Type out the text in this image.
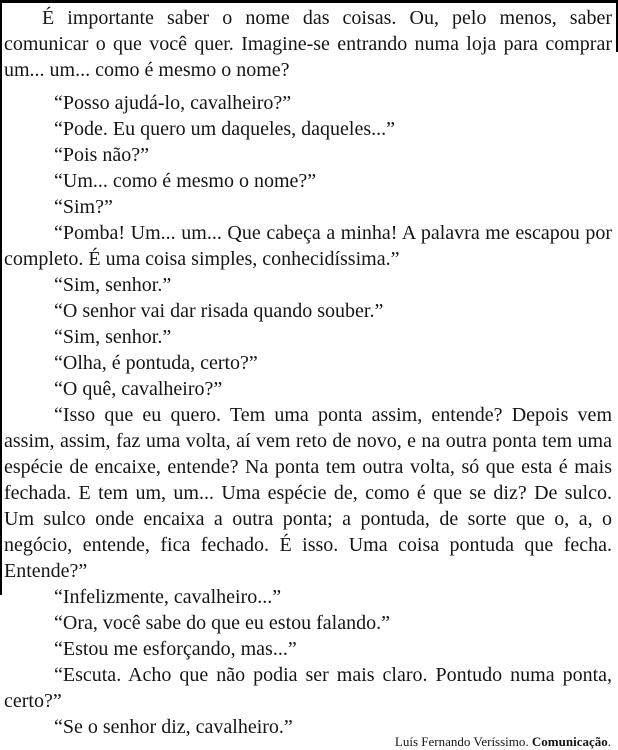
É importante saber o nome das coisas. Ou, pelo menos, saber comunicar o que você quer. Imagine-se entrando numa loja para comprar um... um... como é mesmo o nome?

“Posso ajudá-lo, cavalheiro?”

“Pode. Eu quero um daqueles, daqueles...”

“Pois não?”

“Um... como é mesmo o nome?”

“Sim?”

“Pomba! Um... um... Que cabeça a minha! A palavra me escapou por completo. É uma coisa simples, conhecidíssima.”

“Sim, senhor.”

“O senhor vai dar risada quando souber.”

“Sim, senhor.”

“Olha, é pontuda, certo?”

“O quê, cavalheiro?”

“Isso que eu quero. Tem uma ponta assim, entende? Depois vem assim, assim, faz uma volta, aí vem reto de novo, e na outra ponta tem uma espécie de encaixe, entende? Na ponta tem outra volta, só que esta é mais fechada. E tem um, um... Uma espécie de, como é que se diz? De sulco. Um sulco onde encaixa a outra ponta; a pontuda, de sorte que o, a, o negócio, entende, fica fechado. É isso. Uma coisa pontuda que fecha. Entende?”

“Infelizmente, cavalheiro...”

“Ora, você sabe do que eu estou falando.”

“Estou me esforçando, mas...”

“Escuta. Acho que não podia ser mais claro. Pontudo numa ponta, certo?”

“Se o senhor diz, cavalheiro.”

Luís Fernando Veríssimo. Comunicação.
